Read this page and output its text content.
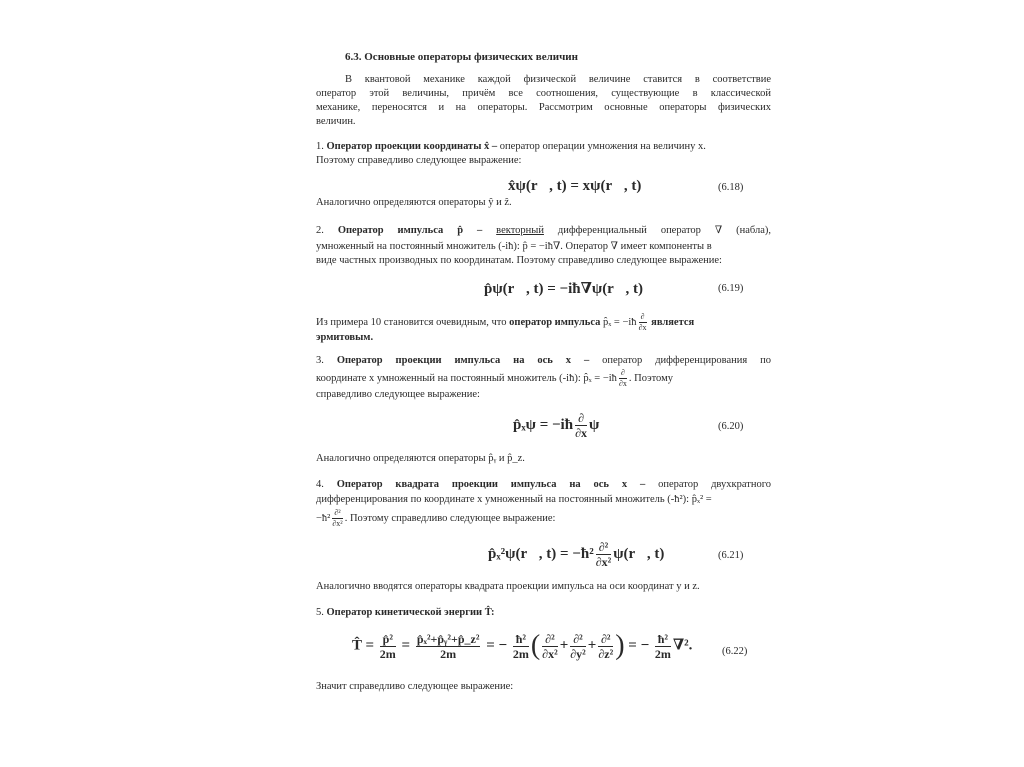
6.3. Основные операторы физических величин
В квантовой механике каждой физической величине ставится в соответствие
оператор этой величины, причём все соотношения, существующие в классической
механике, переносятся и на операторы. Рассмотрим основные операторы физических
величин.
1. Оператор проекции координаты x̂ – оператор операции умножения на величину x.
Поэтому справедливо следующее выражение:
x̂ψ(r⃗, t) = xψ(r⃗, t)	(6.18)
Аналогично определяются операторы ŷ и ẑ.
2. Оператор импульса p̂ – векторный дифференциальный оператор ∇ (набла),
умноженный на постоянный множитель (-iħ): p̂ = −iħ∇. Оператор ∇ имеет компоненты в
виде частных производных по координатам. Поэтому справедливо следующее выражение:
p̂ψ(r⃗, t) = −iħ∇ψ(r⃗, t)	(6.19)
Из примера 10 становится очевидным, что оператор импульса p̂ₓ = −iħ $\frac{\partial}{\partial x}$ является
эрмитовым.
3. Оператор проекции импульса на ось x – оператор дифференцирования по
координате x умноженный на постоянный множитель (-iħ): p̂ₓ = −iħ $\frac{\partial}{\partial x}$ . Поэтому
справедливо следующее выражение:
p̂ₓψ = −iħ $\frac{\partial}{\partial x}$ ψ	(6.20)
Аналогично определяются операторы p̂ᵧ и p̂_z.
4. Оператор квадрата проекции импульса на ось x – оператор двухкратного
дифференцирования по координате x умноженный на постоянный множитель (-ħ²): p̂ₓ² =
−ħ² $\frac{\text{∂²}}{\text{∂x²}}$ . Поэтому справедливо следующее выражение:
p̂ₓ²ψ(r⃗, t) = −ħ² $\frac{\text{∂²}}{\text{∂x²}}$ ψ(r⃗, t)	(6.21)
Аналогично вводятся операторы квадрата проекции импульса на оси координат y и z.
5. Оператор кинетической энергии T̂:
T̂ = $\frac{\text{p̂²}}{2m} = \frac{\text{p̂ₓ²+p̂ᵧ²+p̂\_z²}}{2m}$ = − $\frac{\text{ħ²}}{2m}$ ( $\frac{\text{∂²}}{\text{∂x²}} + \frac{\text{∂²}}{\text{∂y²}} + \frac{\text{∂²}}{\text{∂z²}}$ ) = − $\frac{\text{ħ²}}{2m} \nabla^2$.	(6.22)
Значит справедливо следующее выражение:
